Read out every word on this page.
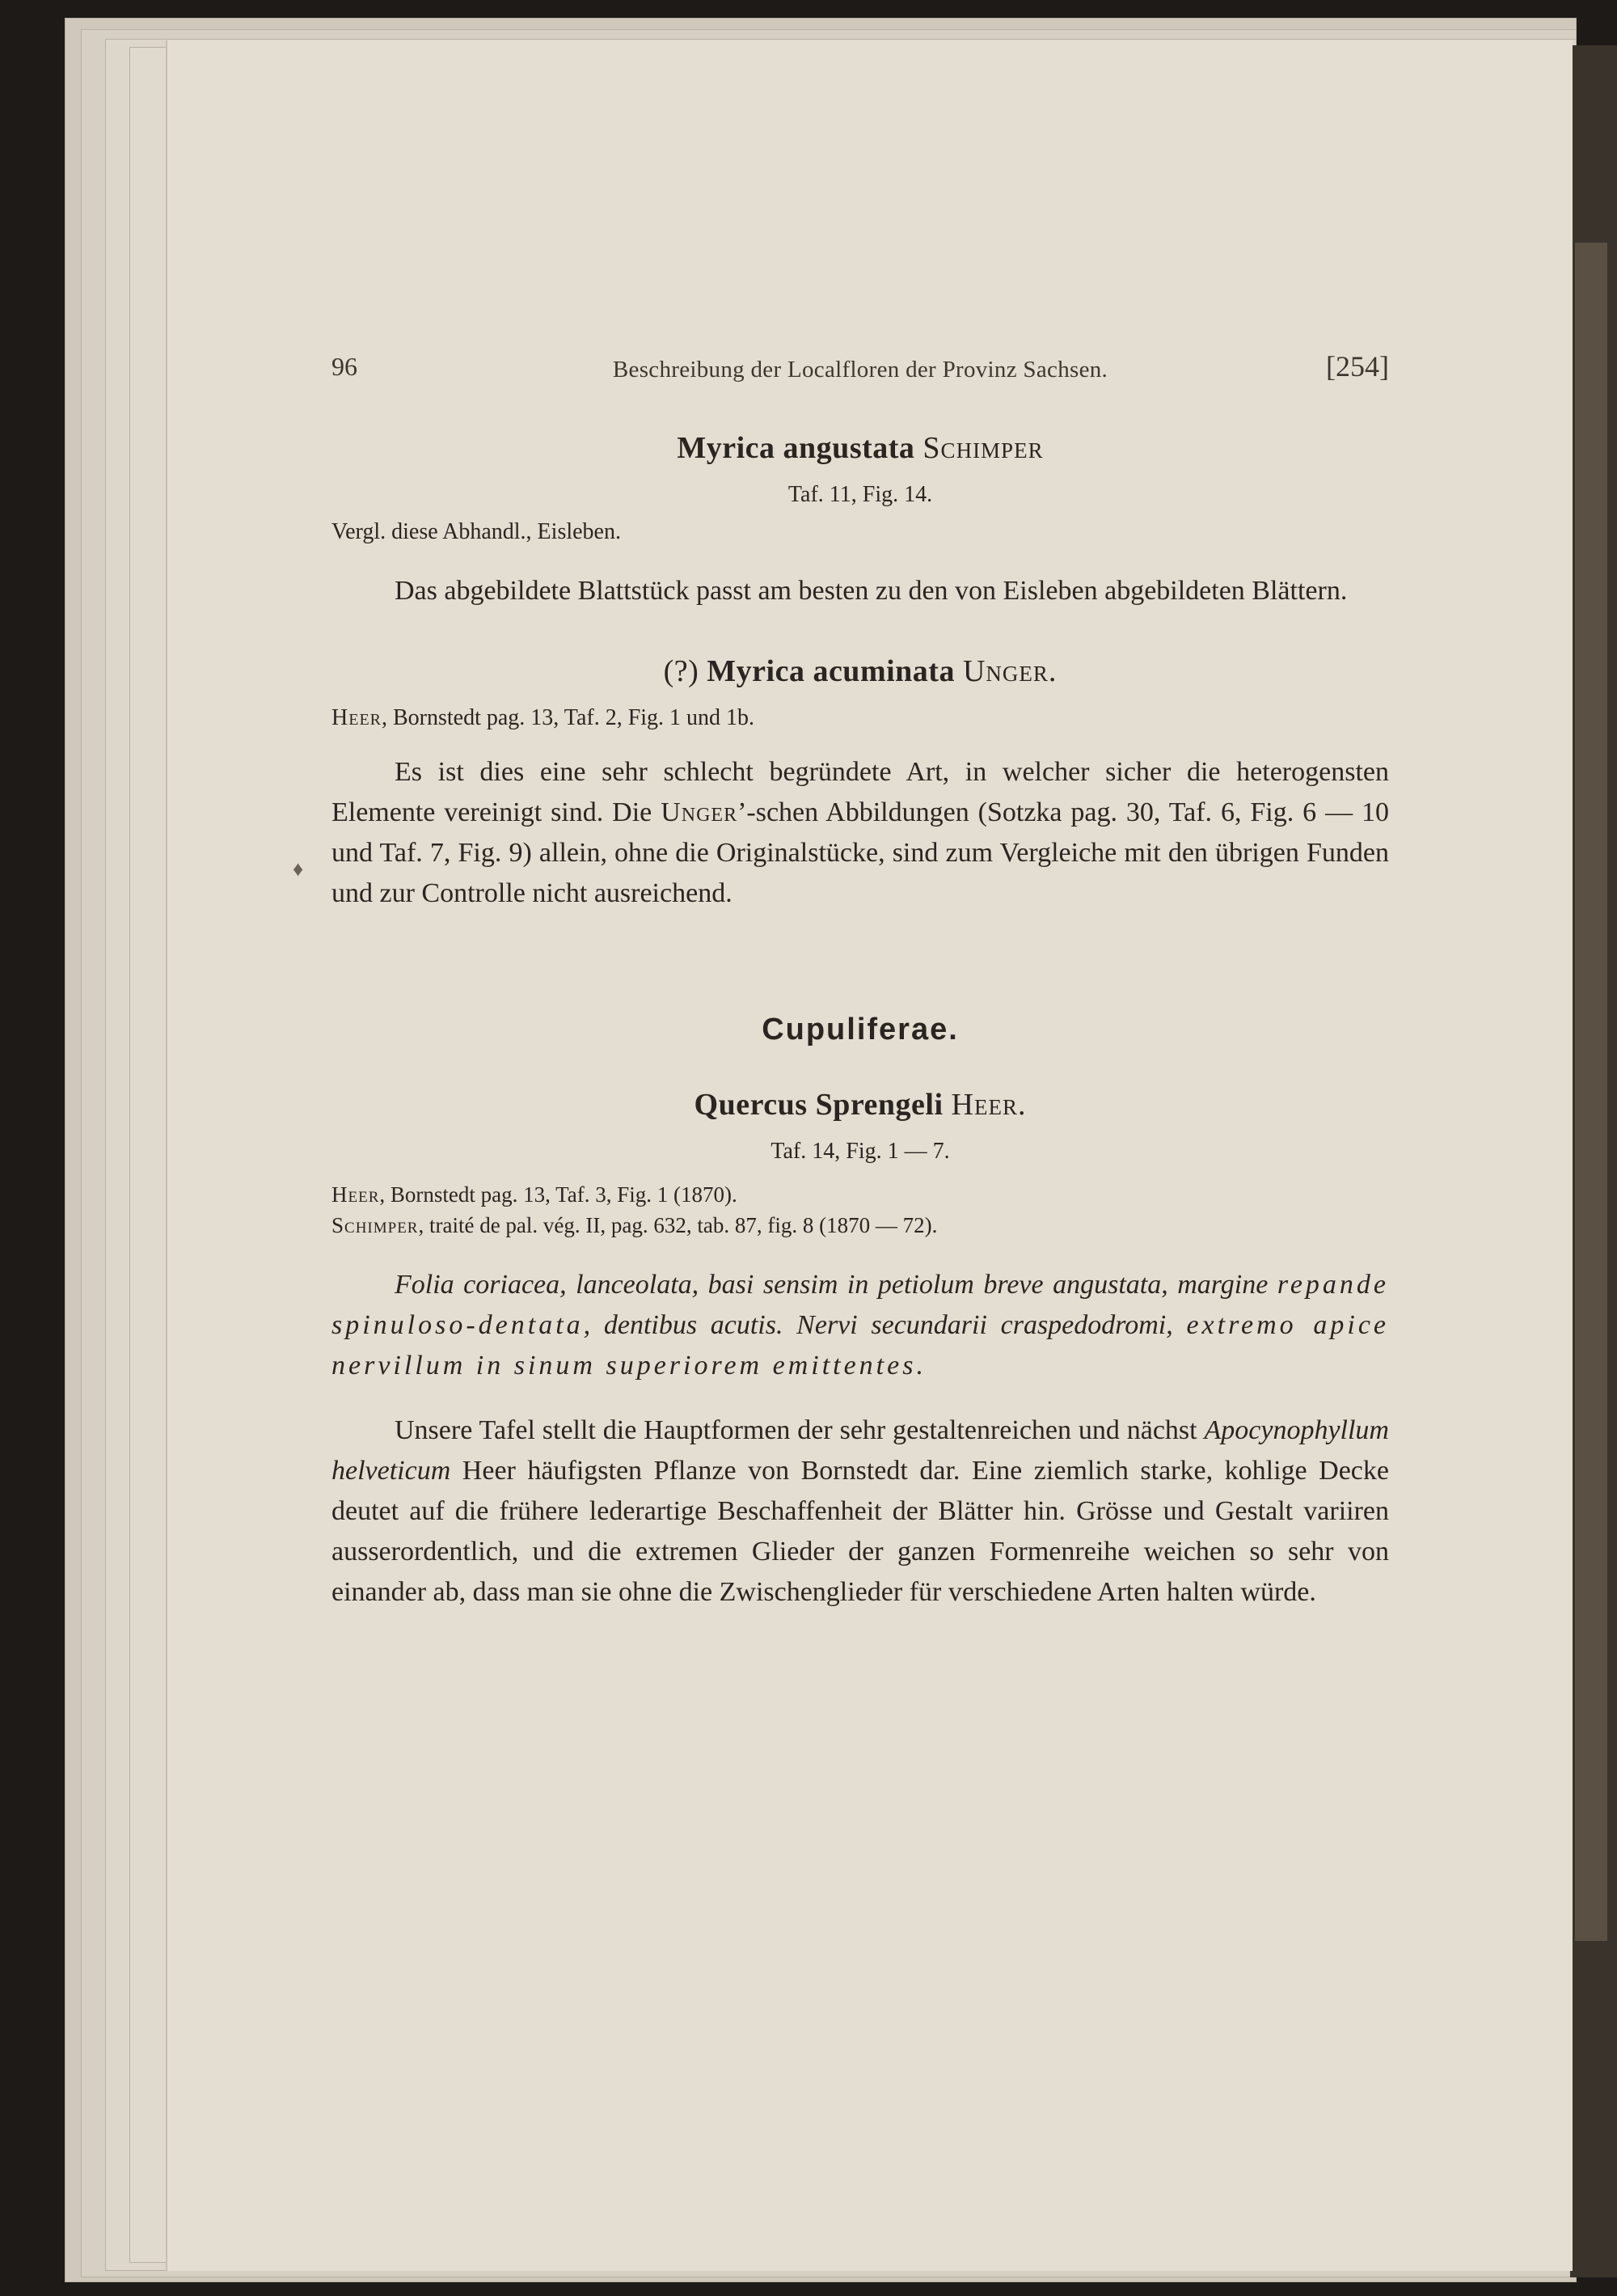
♦
96	Beschreibung der Localfloren der Provinz Sachsen.	[254]
Myrica angustata Schimper
Taf. 11, Fig. 14.
Vergl. diese Abhandl., Eisleben.
Das abgebildete Blattstück passt am besten zu den von Eisleben abgebildeten Blättern.
(?) Myrica acuminata Unger.
Heer, Bornstedt pag. 13, Taf. 2, Fig. 1 und 1b.
Es ist dies eine sehr schlecht begründete Art, in welcher sicher die heterogensten Elemente vereinigt sind. Die Unger’-schen Abbildungen (Sotzka pag. 30, Taf. 6, Fig. 6 — 10 und Taf. 7, Fig. 9) allein, ohne die Originalstücke, sind zum Vergleiche mit den übrigen Funden und zur Controlle nicht ausreichend.
Cupuliferae.
Quercus Sprengeli Heer.
Taf. 14, Fig. 1 — 7.
Heer, Bornstedt pag. 13, Taf. 3, Fig. 1 (1870).
Schimper, traité de pal. vég. II, pag. 632, tab. 87, fig. 8 (1870 — 72).
Folia coriacea, lanceolata, basi sensim in petiolum breve angustata, margine repande spinuloso-dentata, dentibus acutis. Nervi secundarii craspedodromi, extremo apice nervillum in sinum superiorem emittentes.
Unsere Tafel stellt die Hauptformen der sehr gestaltenreichen und nächst Apocynophyllum helveticum Heer häufigsten Pflanze von Bornstedt dar. Eine ziemlich starke, kohlige Decke deutet auf die frühere lederartige Beschaffenheit der Blätter hin. Grösse und Gestalt variiren ausserordentlich, und die extremen Glieder der ganzen Formenreihe weichen so sehr von einander ab, dass man sie ohne die Zwischenglieder für verschiedene Arten halten würde.
